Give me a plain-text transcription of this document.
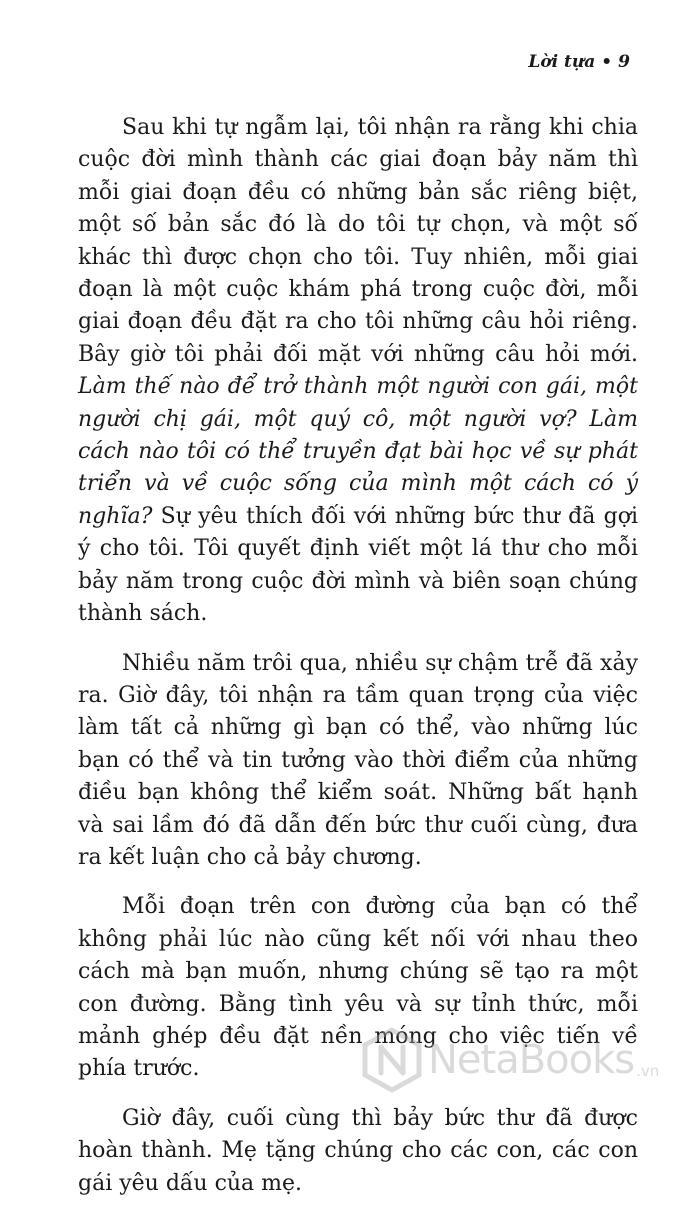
Lời tựa • 9

Sau khi tự ngẫm lại, tôi nhận ra rằng khi chia cuộc đời mình thành các giai đoạn bảy năm thì mỗi giai đoạn đều có những bản sắc riêng biệt, một số bản sắc đó là do tôi tự chọn, và một số khác thì được chọn cho tôi. Tuy nhiên, mỗi giai đoạn là một cuộc khám phá trong cuộc đời, mỗi giai đoạn đều đặt ra cho tôi những câu hỏi riêng. Bây giờ tôi phải đối mặt với những câu hỏi mới. Làm thế nào để trở thành một người con gái, một người chị gái, một quý cô, một người vợ? Làm cách nào tôi có thể truyền đạt bài học về sự phát triển và về cuộc sống của mình một cách có ý nghĩa? Sự yêu thích đối với những bức thư đã gợi ý cho tôi. Tôi quyết định viết một lá thư cho mỗi bảy năm trong cuộc đời mình và biên soạn chúng thành sách.

Nhiều năm trôi qua, nhiều sự chậm trễ đã xảy ra. Giờ đây, tôi nhận ra tầm quan trọng của việc làm tất cả những gì bạn có thể, vào những lúc bạn có thể và tin tưởng vào thời điểm của những điều bạn không thể kiểm soát. Những bất hạnh và sai lầm đó đã dẫn đến bức thư cuối cùng, đưa ra kết luận cho cả bảy chương.

Mỗi đoạn trên con đường của bạn có thể không phải lúc nào cũng kết nối với nhau theo cách mà bạn muốn, nhưng chúng sẽ tạo ra một con đường. Bằng tình yêu và sự tỉnh thức, mỗi mảnh ghép đều đặt nền móng cho việc tiến về phía trước.

Giờ đây, cuối cùng thì bảy bức thư đã được hoàn thành. Mẹ tặng chúng cho các con, các con gái yêu dấu của mẹ.

NetaBooks .vn
